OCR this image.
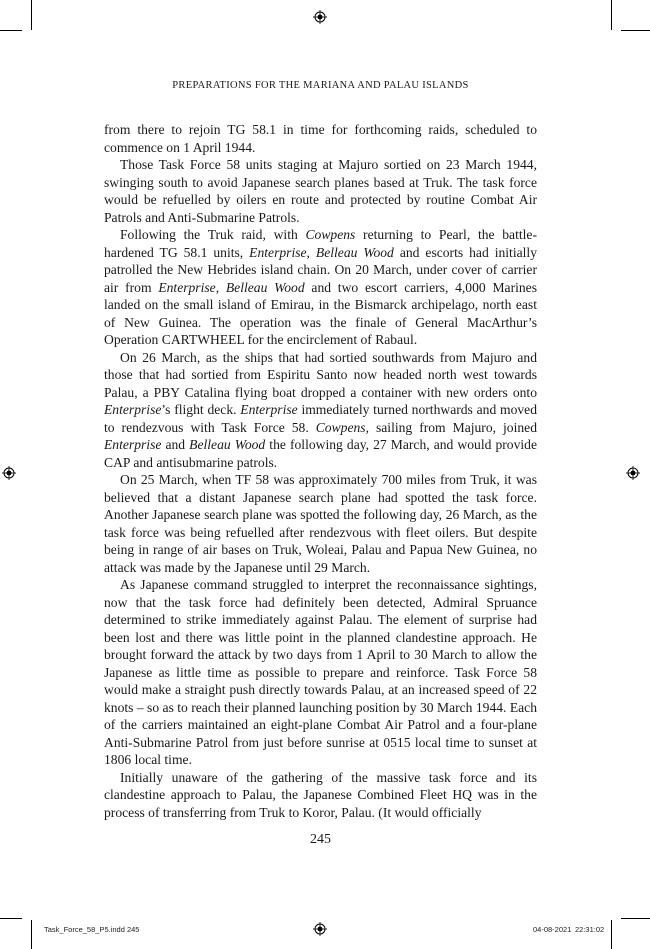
PREPARATIONS FOR THE MARIANA AND PALAU ISLANDS

from there to rejoin TG 58.1 in time for forthcoming raids, scheduled to commence on 1 April 1944.

Those Task Force 58 units staging at Majuro sortied on 23 March 1944, swinging south to avoid Japanese search planes based at Truk. The task force would be refuelled by oilers en route and protected by routine Combat Air Patrols and Anti-Submarine Patrols.

Following the Truk raid, with Cowpens returning to Pearl, the battle-hardened TG 58.1 units, Enterprise, Belleau Wood and escorts had initially patrolled the New Hebrides island chain. On 20 March, under cover of carrier air from Enterprise, Belleau Wood and two escort carriers, 4,000 Marines landed on the small island of Emirau, in the Bismarck archipelago, north east of New Guinea. The operation was the finale of General MacArthur’s Operation CARTWHEEL for the encirclement of Rabaul.

On 26 March, as the ships that had sortied southwards from Majuro and those that had sortied from Espiritu Santo now headed north west towards Palau, a PBY Catalina flying boat dropped a container with new orders onto Enterprise’s flight deck. Enterprise immediately turned northwards and moved to rendezvous with Task Force 58. Cowpens, sailing from Majuro, joined Enterprise and Belleau Wood the following day, 27 March, and would provide CAP and antisubmarine patrols.

On 25 March, when TF 58 was approximately 700 miles from Truk, it was believed that a distant Japanese search plane had spotted the task force. Another Japanese search plane was spotted the following day, 26 March, as the task force was being refuelled after rendezvous with fleet oilers. But despite being in range of air bases on Truk, Woleai, Palau and Papua New Guinea, no attack was made by the Japanese until 29 March.

As Japanese command struggled to interpret the reconnaissance sightings, now that the task force had definitely been detected, Admiral Spruance determined to strike immediately against Palau. The element of surprise had been lost and there was little point in the planned clandestine approach. He brought forward the attack by two days from 1 April to 30 March to allow the Japanese as little time as possible to prepare and reinforce. Task Force 58 would make a straight push directly towards Palau, at an increased speed of 22 knots – so as to reach their planned launching position by 30 March 1944. Each of the carriers maintained an eight-plane Combat Air Patrol and a four-plane Anti-Submarine Patrol from just before sunrise at 0515 local time to sunset at 1806 local time.

Initially unaware of the gathering of the massive task force and its clandestine approach to Palau, the Japanese Combined Fleet HQ was in the process of transferring from Truk to Koror, Palau. (It would officially

245
Task_Force_58_P5.indd 245	04-08-2021 22:31:02
